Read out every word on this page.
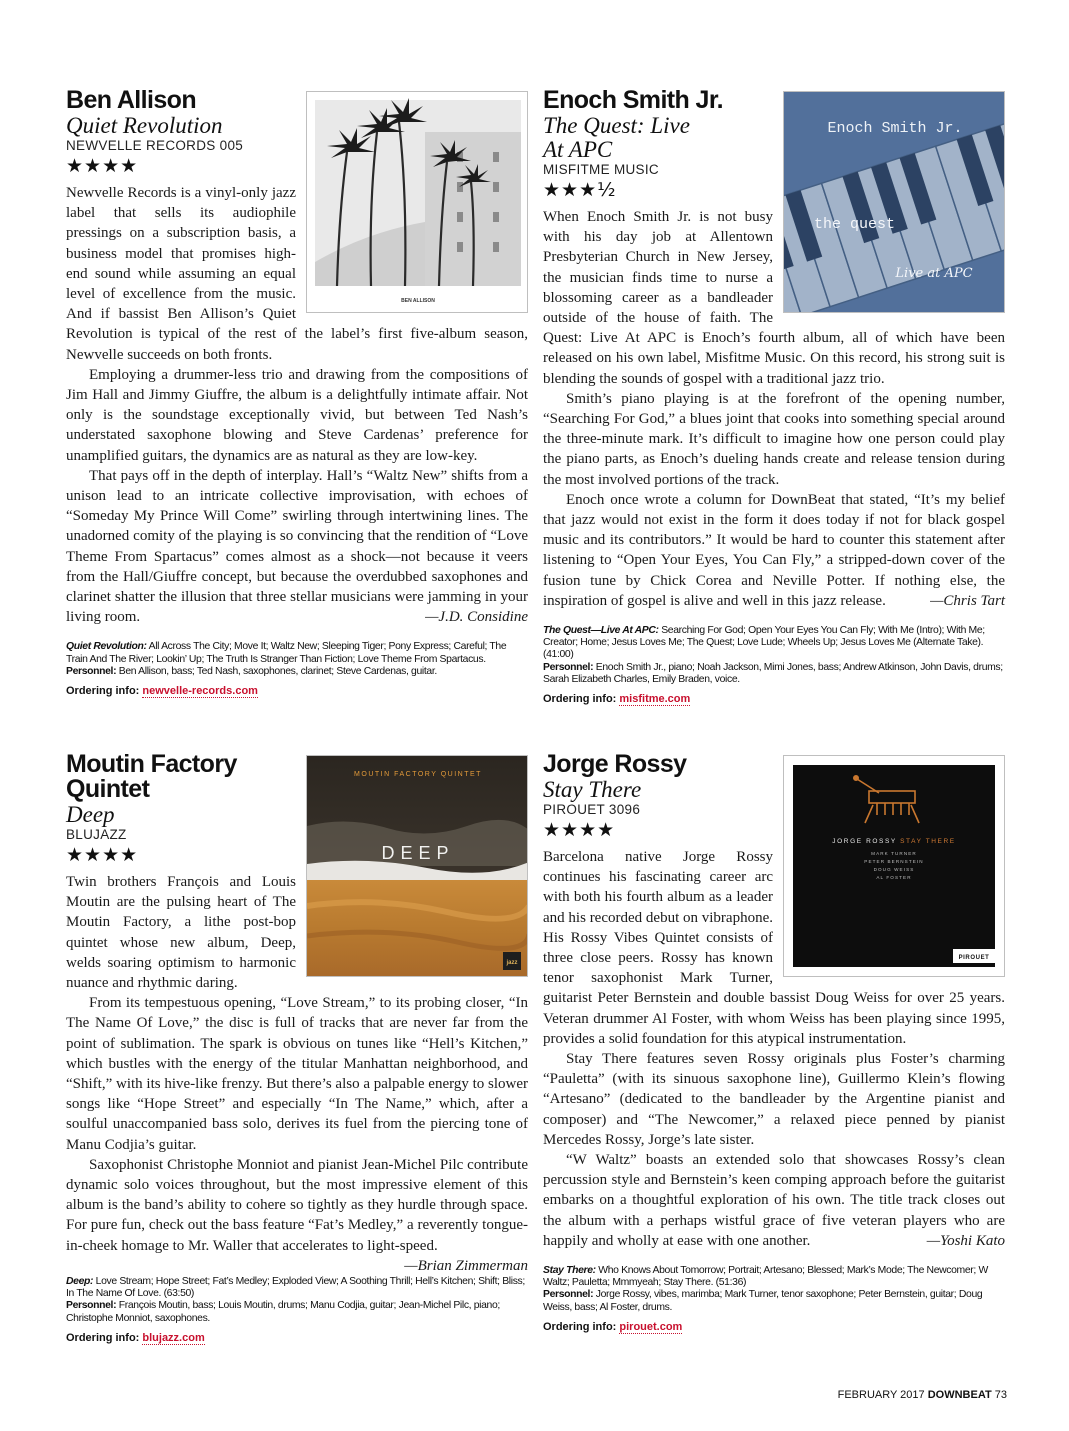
BEN ALLISON
Ben Allison
Quiet Revolution
NEWVELLE RECORDS 005
★★★★

Newvelle Records is a vinyl-only jazz label that sells its audiophile pressings on a subscription basis, a business model that promises high-end sound while assuming an equal level of excellence from the music. And if bassist Ben Allison’s Quiet Revolution is typical of the rest of the label’s first five-album season, Newvelle succeeds on both fronts.

Employing a drummer-less trio and drawing from the compositions of Jim Hall and Jimmy Giuffre, the album is a delightfully intimate affair. Not only is the soundstage exceptionally vivid, but between Ted Nash’s understated saxophone blowing and Steve Cardenas’ preference for unamplified guitars, the dynamics are as natural as they are low-key.

That pays off in the depth of interplay. Hall’s “Waltz New” shifts from a unison lead to an intricate collective improvisation, with echoes of “Someday My Prince Will Come” swirling through intertwining lines. The unadorned comity of the playing is so convincing that the rendition of “Love Theme From Spartacus” comes almost as a shock—not because it veers from the Hall/Giuffre concept, but because the overdubbed saxophones and clarinet shatter the illusion that three stellar musicians were jamming in your living room.	—J.D. Considine

Quiet Revolution: All Across The City; Move It; Waltz New; Sleeping Tiger; Pony Express; Careful; The Train And The River; Lookin’ Up; The Truth Is Stranger Than Fiction; Love Theme From Spartacus.
Personnel: Ben Allison, bass; Ted Nash, saxophones, clarinet; Steve Cardenas, guitar.
Ordering info: newvelle-records.com
Enoch Smith Jr.
the quest
Live at APC
Enoch Smith Jr.
The Quest: Live
At APC
MISFITME MUSIC
★★★½

When Enoch Smith Jr. is not busy with his day job at Allentown Presbyterian Church in New Jersey, the musician finds time to nurse a blossoming career as a bandleader outside of the house of faith. The Quest: Live At APC is Enoch’s fourth album, all of which have been released on his own label, Misfitme Music. On this record, his strong suit is blending the sounds of gospel with a traditional jazz trio.

Smith’s piano playing is at the forefront of the opening number, “Searching For God,” a blues joint that cooks into something special around the three-minute mark. It’s difficult to imagine how one person could play the piano parts, as Enoch’s dueling hands create and release tension during the most involved portions of the track.

Enoch once wrote a column for DownBeat that stated, “It’s my belief that jazz would not exist in the form it does today if not for black gospel music and its contributors.” It would be hard to counter this statement after listening to “Open Your Eyes, You Can Fly,” a stripped-down cover of the fusion tune by Chick Corea and Neville Potter. If nothing else, the inspiration of gospel is alive and well in this jazz release.	—Chris Tart

The Quest—Live At APC: Searching For God; Open Your Eyes You Can Fly; With Me (Intro); With Me; Creator; Home; Jesus Loves Me; The Quest; Love Lude; Wheels Up; Jesus Loves Me (Alternate Take). (41:00)
Personnel: Enoch Smith Jr., piano; Noah Jackson, Mimi Jones, bass; Andrew Atkinson, John Davis, drums; Sarah Elizabeth Charles, Emily Braden, voice.
Ordering info: misfitme.com
MOUTIN FACTORY QUINTET
DEEP
jazz
Moutin Factory
Quintet
Deep
BLUJAZZ
★★★★

Twin brothers François and Louis Moutin are the pulsing heart of The Moutin Factory, a lithe post-bop quintet whose new album, Deep, welds soaring optimism to harmonic nuance and rhythmic daring.

From its tempestuous opening, “Love Stream,” to its probing closer, “In The Name Of Love,” the disc is full of tracks that are never far from the point of sublimation. The spark is obvious on tunes like “Hell’s Kitchen,” which bustles with the energy of the titular Manhattan neighborhood, and “Shift,” with its hive-like frenzy. But there’s also a palpable energy to slower songs like “Hope Street” and especially “In The Name,” which, after a soulful unaccompanied bass solo, derives its fuel from the piercing tone of Manu Codjia’s guitar.

Saxophonist Christophe Monniot and pianist Jean-Michel Pilc contribute dynamic solo voices throughout, but the most impressive element of this album is the band’s ability to cohere so tightly as they hurdle through space. For pure fun, check out the bass feature “Fat’s Medley,” a reverently tongue-in-cheek homage to Mr. Waller that accelerates to light-speed.
—Brian Zimmerman

Deep: Love Stream; Hope Street; Fat’s Medley; Exploded View; A Soothing Thrill; Hell’s Kitchen; Shift; Bliss; In The Name Of Love. (63:50)
Personnel: François Moutin, bass; Louis Moutin, drums; Manu Codjia, guitar; Jean-Michel Pilc, piano; Christophe Monniot, saxophones.
Ordering info: blujazz.com
JORGE ROSSY STAY THERE
MARK TURNER
PETER BERNSTEIN
DOUG WEISS
AL FOSTER
PIROUET
Jorge Rossy
Stay There
PIROUET 3096
★★★★

Barcelona native Jorge Rossy continues his fascinating career arc with both his fourth album as a leader and his recorded debut on vibraphone. His Rossy Vibes Quintet consists of three close peers. Rossy has known tenor saxophonist Mark Turner, guitarist Peter Bernstein and double bassist Doug Weiss for over 25 years. Veteran drummer Al Foster, with whom Weiss has been playing since 1995, provides a solid foundation for this atypical instrumentation.

Stay There features seven Rossy originals plus Foster’s charming “Pauletta” (with its sinuous saxophone line), Guillermo Klein’s flowing “Artesano” (dedicated to the bandleader by the Argentine pianist and composer) and “The Newcomer,” a relaxed piece penned by pianist Mercedes Rossy, Jorge’s late sister.

“W Waltz” boasts an extended solo that showcases Rossy’s clean percussion style and Bernstein’s keen comping approach before the guitarist embarks on a thoughtful exploration of his own. The title track closes out the album with a perhaps wistful grace of five veteran players who are happily and wholly at ease with one another.	—Yoshi Kato

Stay There: Who Knows About Tomorrow; Portrait; Artesano; Blessed; Mark’s Mode; The Newcomer; W Waltz; Pauletta; Mmmyeah; Stay There. (51:36)
Personnel: Jorge Rossy, vibes, marimba; Mark Turner, tenor saxophone; Peter Bernstein, guitar; Doug Weiss, bass; Al Foster, drums.
Ordering info: pirouet.com
FEBRUARY 2017 DOWNBEAT 73
